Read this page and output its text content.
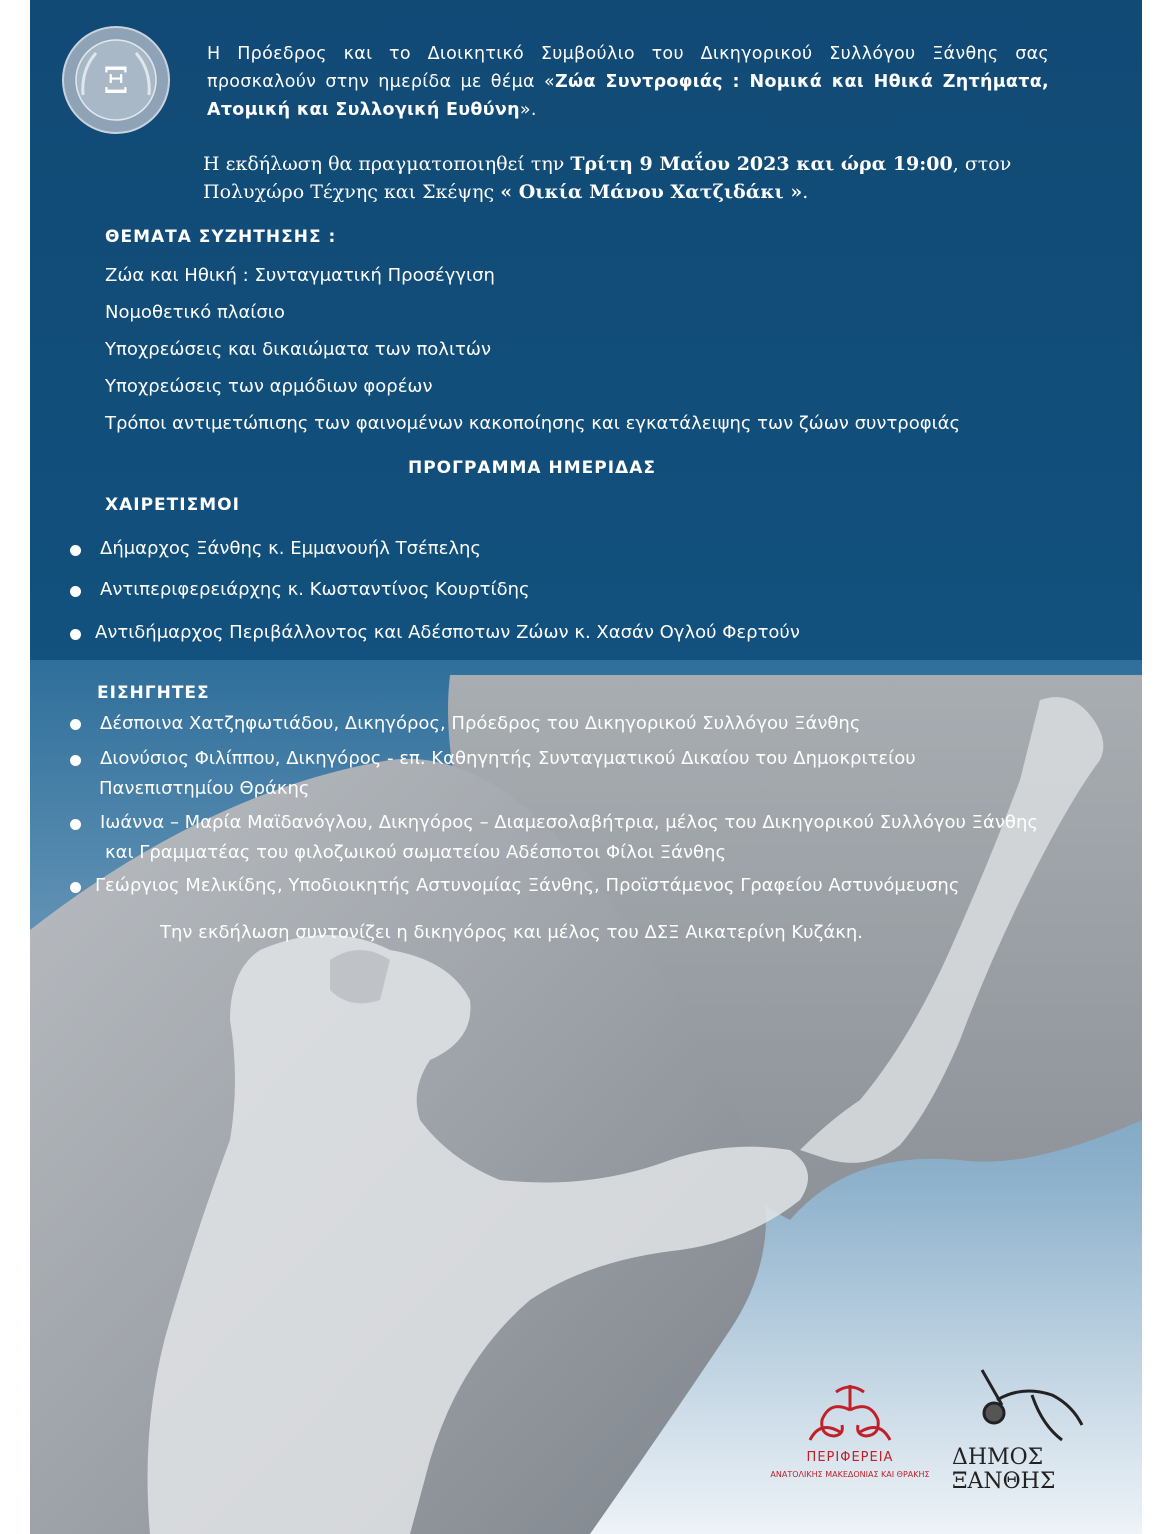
Ξ
Η Πρόεδρος και το Διοικητικό Συμβούλιο του Δικηγορικού Συλλόγου Ξάνθης σας προσκαλούν στην ημερίδα με θέμα «Ζώα Συντροφιάς : Νομικά και Ηθικά Ζητήματα, Ατομική και Συλλογική Ευθύνη».
Η εκδήλωση θα πραγματοποιηθεί την Τρίτη 9 Μαΐου 2023 και ώρα 19:00, στον Πολυχώρο Τέχνης και Σκέψης « Οικία Μάνου Χατζιδάκι ».
ΘΕΜΑΤΑ ΣΥΖΗΤΗΣΗΣ :
Ζώα και Ηθική : Συνταγματική Προσέγγιση
Νομοθετικό πλαίσιο
Υποχρεώσεις και δικαιώματα των πολιτών
Υποχρεώσεις των αρμόδιων φορέων
Τρόποι αντιμετώπισης των φαινομένων κακοποίησης και εγκατάλειψης των ζώων συντροφιάς
ΠΡΟΓΡΑΜΜΑ ΗΜΕΡΙΔΑΣ
ΧΑΙΡΕΤΙΣΜΟΙ
Δήμαρχος Ξάνθης κ. Εμμανουήλ Τσέπελης
Αντιπεριφερειάρχης κ. Κωσταντίνος Κουρτίδης
Αντιδήμαρχος Περιβάλλοντος και Αδέσποτων Ζώων κ. Χασάν Ογλού Φερτούν
ΕΙΣΗΓΗΤΕΣ
Δέσποινα Χατζηφωτιάδου, Δικηγόρος, Πρόεδρος του Δικηγορικού Συλλόγου Ξάνθης
Διονύσιος Φιλίππου, Δικηγόρος - επ. Καθηγητής Συνταγματικού Δικαίου του Δημοκριτείου
Πανεπιστημίου Θράκης
Ιωάννα – Μαρία Μαϊδανόγλου, Δικηγόρος – Διαμεσολαβήτρια, μέλος του Δικηγορικού Συλλόγου Ξάνθης
και Γραμματέας του φιλοζωικού σωματείου Αδέσποτοι Φίλοι Ξάνθης
Γεώργιος Μελικίδης, Υποδιοικητής Αστυνομίας Ξάνθης, Προϊστάμενος Γραφείου Αστυνόμευσης
Την εκδήλωση συντονίζει η δικηγόρος και μέλος του ΔΣΞ Αικατερίνη Κυζάκη.
ΠΕΡΙΦΕΡΕΙΑ
ΑΝΑΤΟΛΙΚΗΣ ΜΑΚΕΔΟΝΙΑΣ ΚΑΙ ΘΡΑΚΗΣ
ΔΗΜΟΣ
ΞΑΝΘΗΣ
